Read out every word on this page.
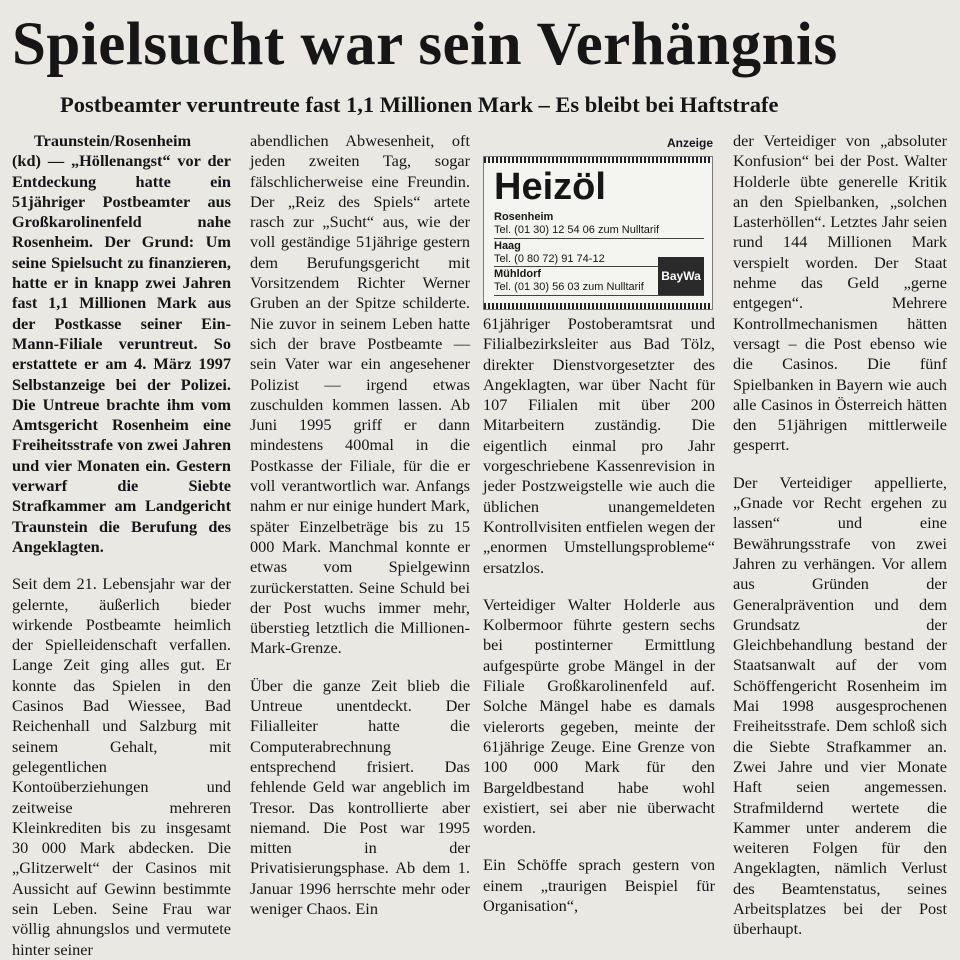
Spielsucht war sein Verhängnis
Postbeamter veruntreute fast 1,1 Millionen Mark – Es bleibt bei Haftstrafe

Traunstein/Rosenheim
(kd) — „Höllenangst“ vor der Entdeckung hatte ein 51jähriger Postbeamter aus Großkarolinenfeld nahe Rosenheim. Der Grund: Um seine Spielsucht zu finanzieren, hatte er in knapp zwei Jahren fast 1,1 Millionen Mark aus der Postkasse seiner Ein-Mann-Filiale veruntreut. So erstattete er am 4. März 1997 Selbstanzeige bei der Polizei. Die Untreue brachte ihm vom Amtsgericht Rosenheim eine Freiheitsstrafe von zwei Jahren und vier Monaten ein. Gestern verwarf die Siebte Strafkammer am Landgericht Traunstein die Berufung des Angeklagten.

Seit dem 21. Lebensjahr war der gelernte, äußerlich bieder wirkende Postbeamte heimlich der Spielleidenschaft verfallen. Lange Zeit ging alles gut. Er konnte das Spielen in den Casinos Bad Wiessee, Bad Reichenhall und Salzburg mit seinem Gehalt, mit gelegentlichen Kontoüberziehungen und zeitweise mehreren Kleinkrediten bis zu insgesamt 30 000 Mark abdecken. Die „Glitzerwelt“ der Casinos mit Aussicht auf Gewinn bestimmte sein Leben. Seine Frau war völlig ahnungslos und vermutete hinter seiner

abendlichen Abwesenheit, oft jeden zweiten Tag, sogar fälschlicherweise eine Freundin. Der „Reiz des Spiels“ artete rasch zur „Sucht“ aus, wie der voll geständige 51jährige gestern dem Berufungsgericht mit Vorsitzendem Richter Werner Gruben an der Spitze schilderte. Nie zuvor in seinem Leben hatte sich der brave Postbeamte — sein Vater war ein angesehener Polizist — irgend etwas zuschulden kommen lassen. Ab Juni 1995 griff er dann mindestens 400mal in die Postkasse der Filiale, für die er voll verantwortlich war. Anfangs nahm er nur einige hundert Mark, später Einzelbeträge bis zu 15 000 Mark. Manchmal konnte er etwas vom Spielgewinn zurückerstatten. Seine Schuld bei der Post wuchs immer mehr, überstieg letztlich die Millionen-Mark-Grenze.

Über die ganze Zeit blieb die Untreue unentdeckt. Der Filialleiter hatte die Computerabrechnung entsprechend frisiert. Das fehlende Geld war angeblich im Tresor. Das kontrollierte aber niemand. Die Post war 1995 mitten in der Privatisierungsphase. Ab dem 1. Januar 1996 herrschte mehr oder weniger Chaos. Ein

Anzeige
Heizöl
Rosenheim
Tel. (01 30) 12 54 06 zum Nulltarif
Haag
Tel. (0 80 72) 91 74-12
Mühldorf
Tel. (01 30) 56 03 zum Nulltarif
BayWa

61jähriger Postoberamtsrat und Filialbezirksleiter aus Bad Tölz, direkter Dienstvorgesetzter des Angeklagten, war über Nacht für 107 Filialen mit über 200 Mitarbeitern zuständig. Die eigentlich einmal pro Jahr vorgeschriebene Kassenrevision in jeder Postzweigstelle wie auch die üblichen unangemeldeten Kontrollvisiten entfielen wegen der „enormen Umstellungsprobleme“ ersatzlos.

Verteidiger Walter Holderle aus Kolbermoor führte gestern sechs bei postinterner Ermittlung aufgespürte grobe Mängel in der Filiale Großkarolinenfeld auf. Solche Mängel habe es damals vielerorts gegeben, meinte der 61jährige Zeuge. Eine Grenze von 100 000 Mark für den Bargeldbestand habe wohl existiert, sei aber nie überwacht worden.

Ein Schöffe sprach gestern von einem „traurigen Beispiel für Organisation“,

der Verteidiger von „absoluter Konfusion“ bei der Post. Walter Holderle übte generelle Kritik an den Spielbanken, „solchen Lasterhöllen“. Letztes Jahr seien rund 144 Millionen Mark verspielt worden. Der Staat nehme das Geld „gerne entgegen“. Mehrere Kontrollmechanismen hätten versagt – die Post ebenso wie die Casinos. Die fünf Spielbanken in Bayern wie auch alle Casinos in Österreich hätten den 51jährigen mittlerweile gesperrt.

Der Verteidiger appellierte, „Gnade vor Recht ergehen zu lassen“ und eine Bewährungsstrafe von zwei Jahren zu verhängen. Vor allem aus Gründen der Generalprävention und dem Grundsatz der Gleichbehandlung bestand der Staatsanwalt auf der vom Schöffengericht Rosenheim im Mai 1998 ausgesprochenen Freiheitsstrafe. Dem schloß sich die Siebte Strafkammer an. Zwei Jahre und vier Monate Haft seien angemessen. Strafmildernd wertete die Kammer unter anderem die weiteren Folgen für den Angeklagten, nämlich Verlust des Beamtenstatus, seines Arbeitsplatzes bei der Post überhaupt.
